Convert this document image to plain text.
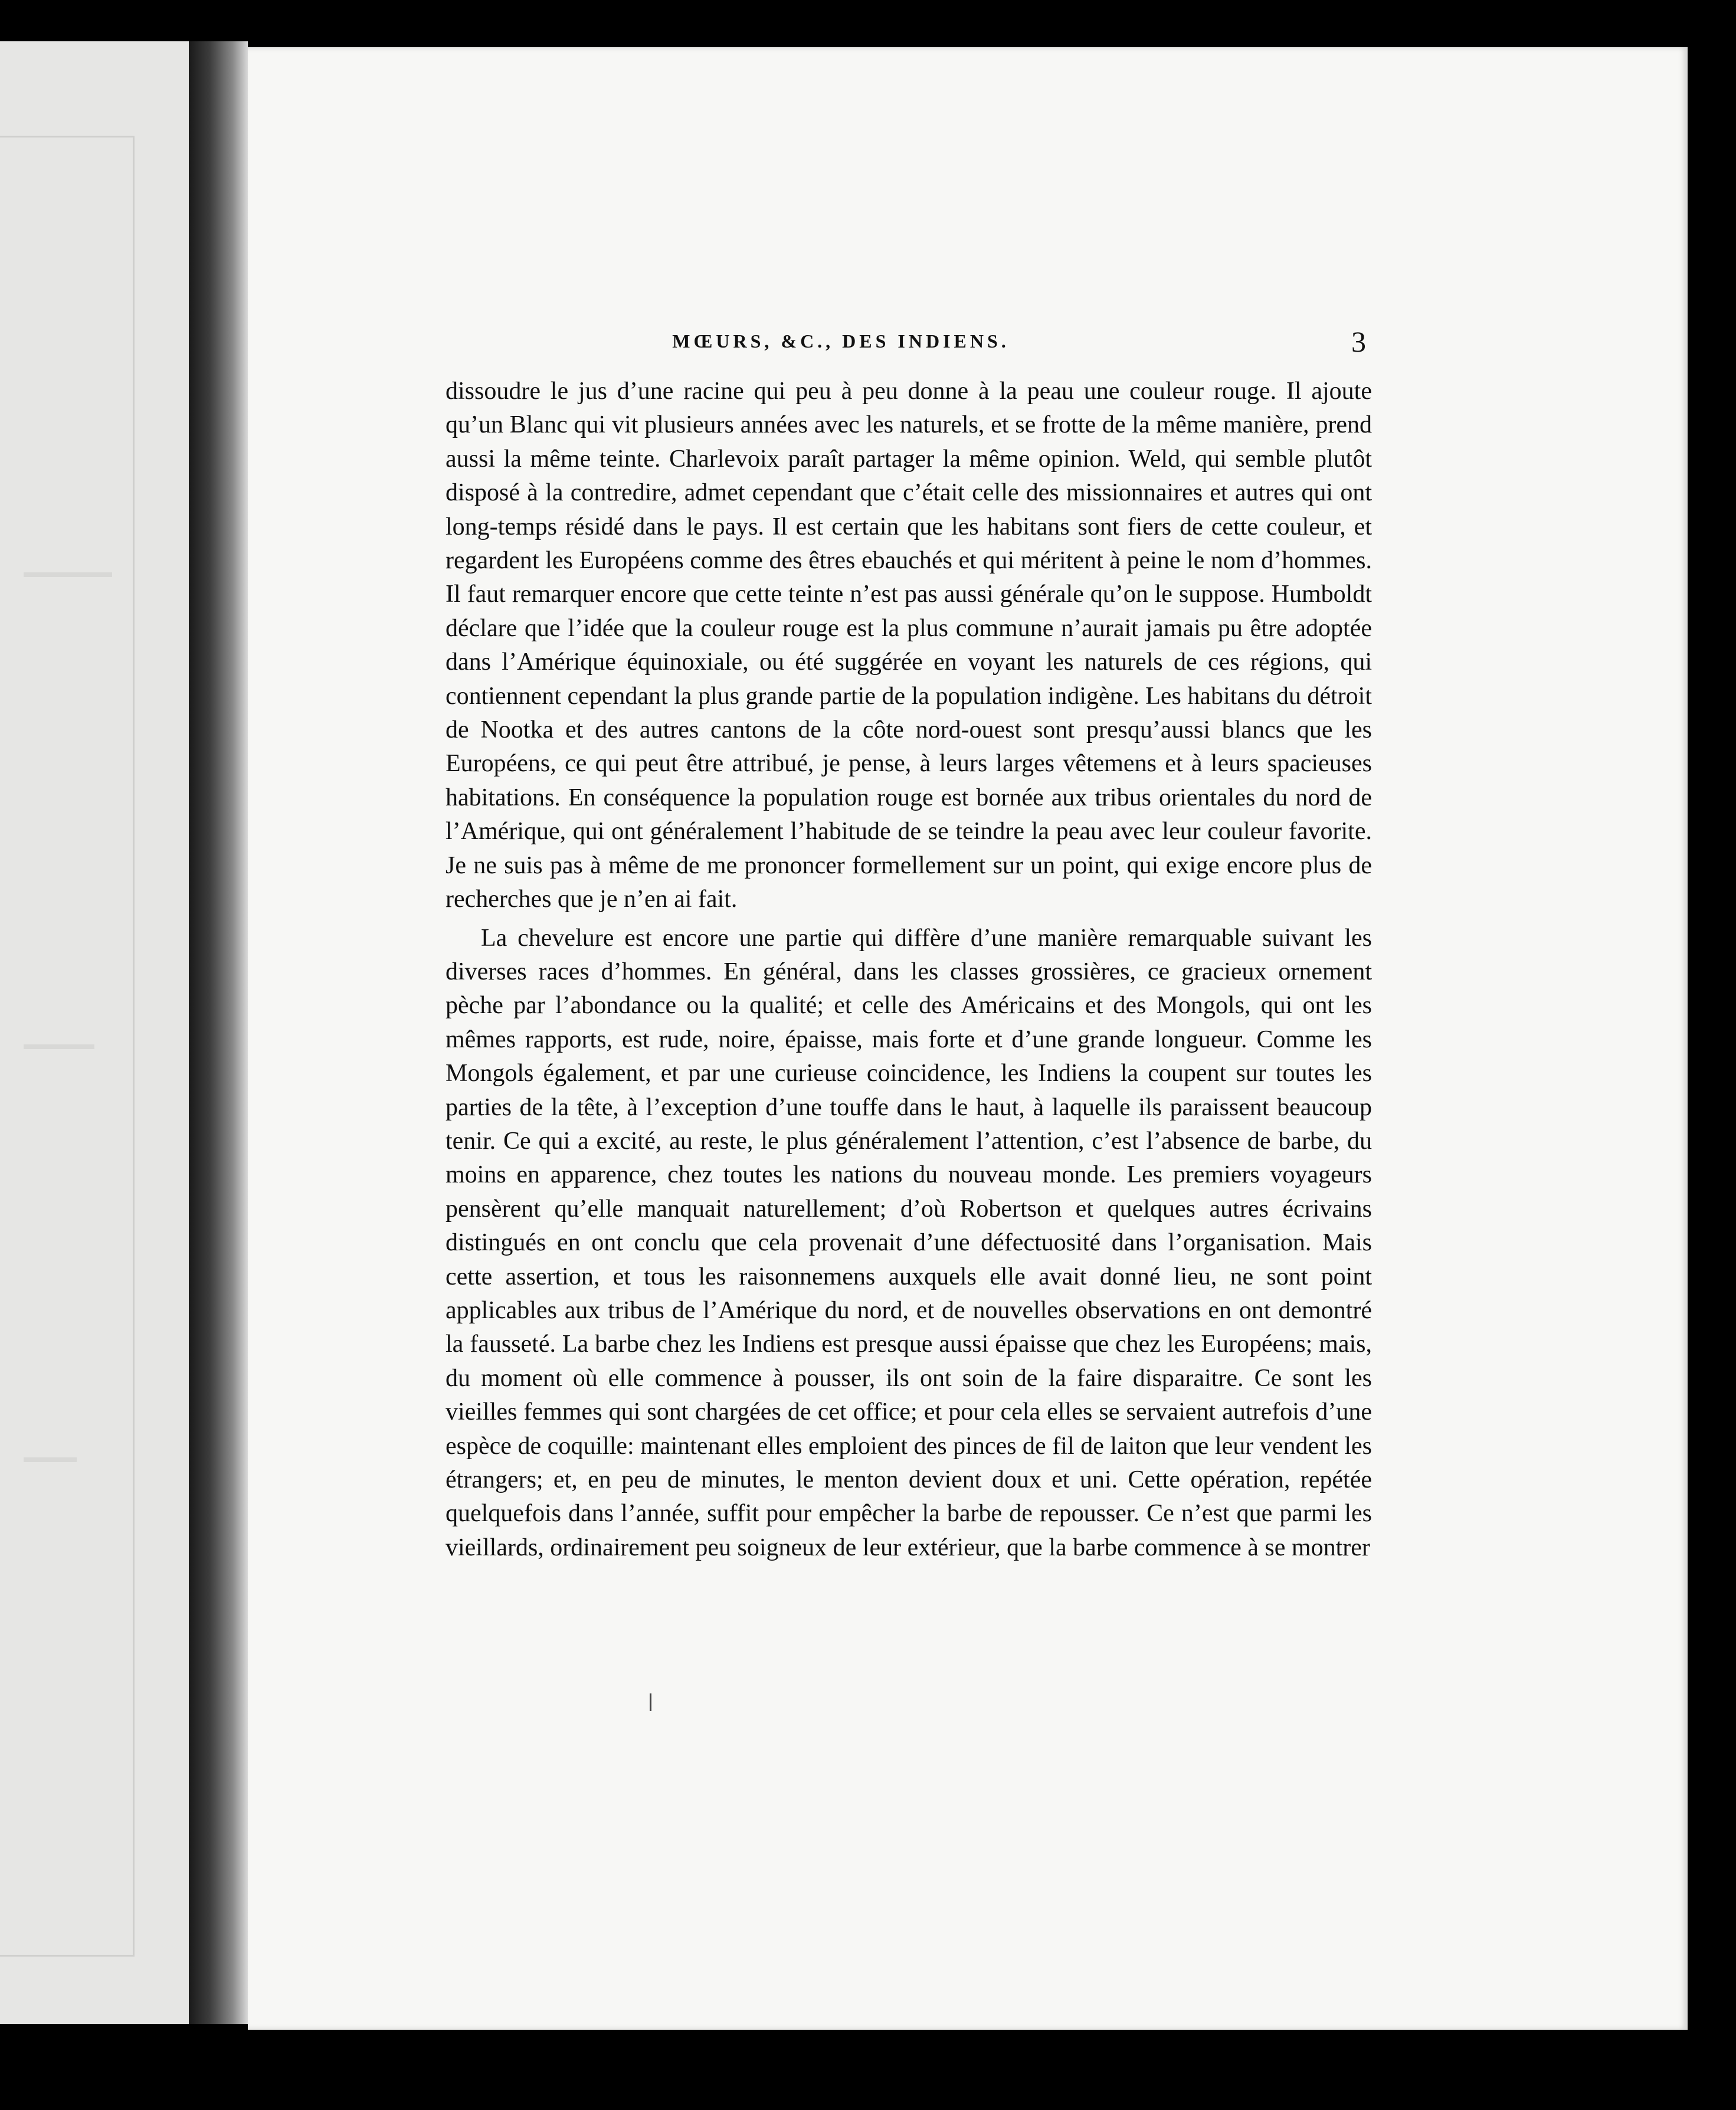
MŒURS, &C., DES INDIENS.	3

dissoudre le jus d’une racine qui peu à peu donne à la peau une couleur rouge. Il ajoute qu’un Blanc qui vit plusieurs années avec les naturels, et se frotte de la même manière, prend aussi la même teinte. Charlevoix paraît partager la même opinion. Weld, qui semble plutôt disposé à la contredire, admet cependant que c’était celle des missionnaires et autres qui ont long-temps résidé dans le pays. Il est certain que les habitans sont fiers de cette couleur, et regardent les Européens comme des êtres ebauchés et qui méritent à peine le nom d’hommes. Il faut remarquer encore que cette teinte n’est pas aussi générale qu’on le suppose. Humboldt déclare que l’idée que la couleur rouge est la plus commune n’aurait jamais pu être adoptée dans l’Amérique équinoxiale, ou été suggérée en voyant les naturels de ces régions, qui contiennent cependant la plus grande partie de la population indigène. Les habitans du détroit de Nootka et des autres cantons de la côte nord-ouest sont presqu’aussi blancs que les Européens, ce qui peut être attribué, je pense, à leurs larges vêtemens et à leurs spacieuses habitations. En conséquence la population rouge est bornée aux tribus orientales du nord de l’Amérique, qui ont généralement l’habitude de se teindre la peau avec leur couleur favorite. Je ne suis pas à même de me prononcer formellement sur un point, qui exige encore plus de recherches que je n’en ai fait.

La chevelure est encore une partie qui diffère d’une manière remarquable suivant les diverses races d’hommes. En général, dans les classes grossières, ce gracieux ornement pèche par l’abondance ou la qualité; et celle des Américains et des Mongols, qui ont les mêmes rapports, est rude, noire, épaisse, mais forte et d’une grande longueur. Comme les Mongols également, et par une curieuse coincidence, les Indiens la coupent sur toutes les parties de la tête, à l’exception d’une touffe dans le haut, à laquelle ils paraissent beaucoup tenir. Ce qui a excité, au reste, le plus généralement l’attention, c’est l’absence de barbe, du moins en apparence, chez toutes les nations du nouveau monde. Les premiers voyageurs pensèrent qu’elle manquait naturellement; d’où Robertson et quelques autres écrivains distingués en ont conclu que cela provenait d’une défectuosité dans l’organisation. Mais cette assertion, et tous les raisonnemens auxquels elle avait donné lieu, ne sont point applicables aux tribus de l’Amérique du nord, et de nouvelles observations en ont demontré la fausseté. La barbe chez les Indiens est presque aussi épaisse que chez les Européens; mais, du moment où elle commence à pousser, ils ont soin de la faire disparaitre. Ce sont les vieilles femmes qui sont chargées de cet office; et pour cela elles se servaient autrefois d’une espèce de coquille: maintenant elles emploient des pinces de fil de laiton que leur vendent les étrangers; et, en peu de minutes, le menton devient doux et uni. Cette opération, repétée quelquefois dans l’année, suffit pour empêcher la barbe de repousser. Ce n’est que parmi les vieillards, ordinairement peu soigneux de leur extérieur, que la barbe commence à se montrer
